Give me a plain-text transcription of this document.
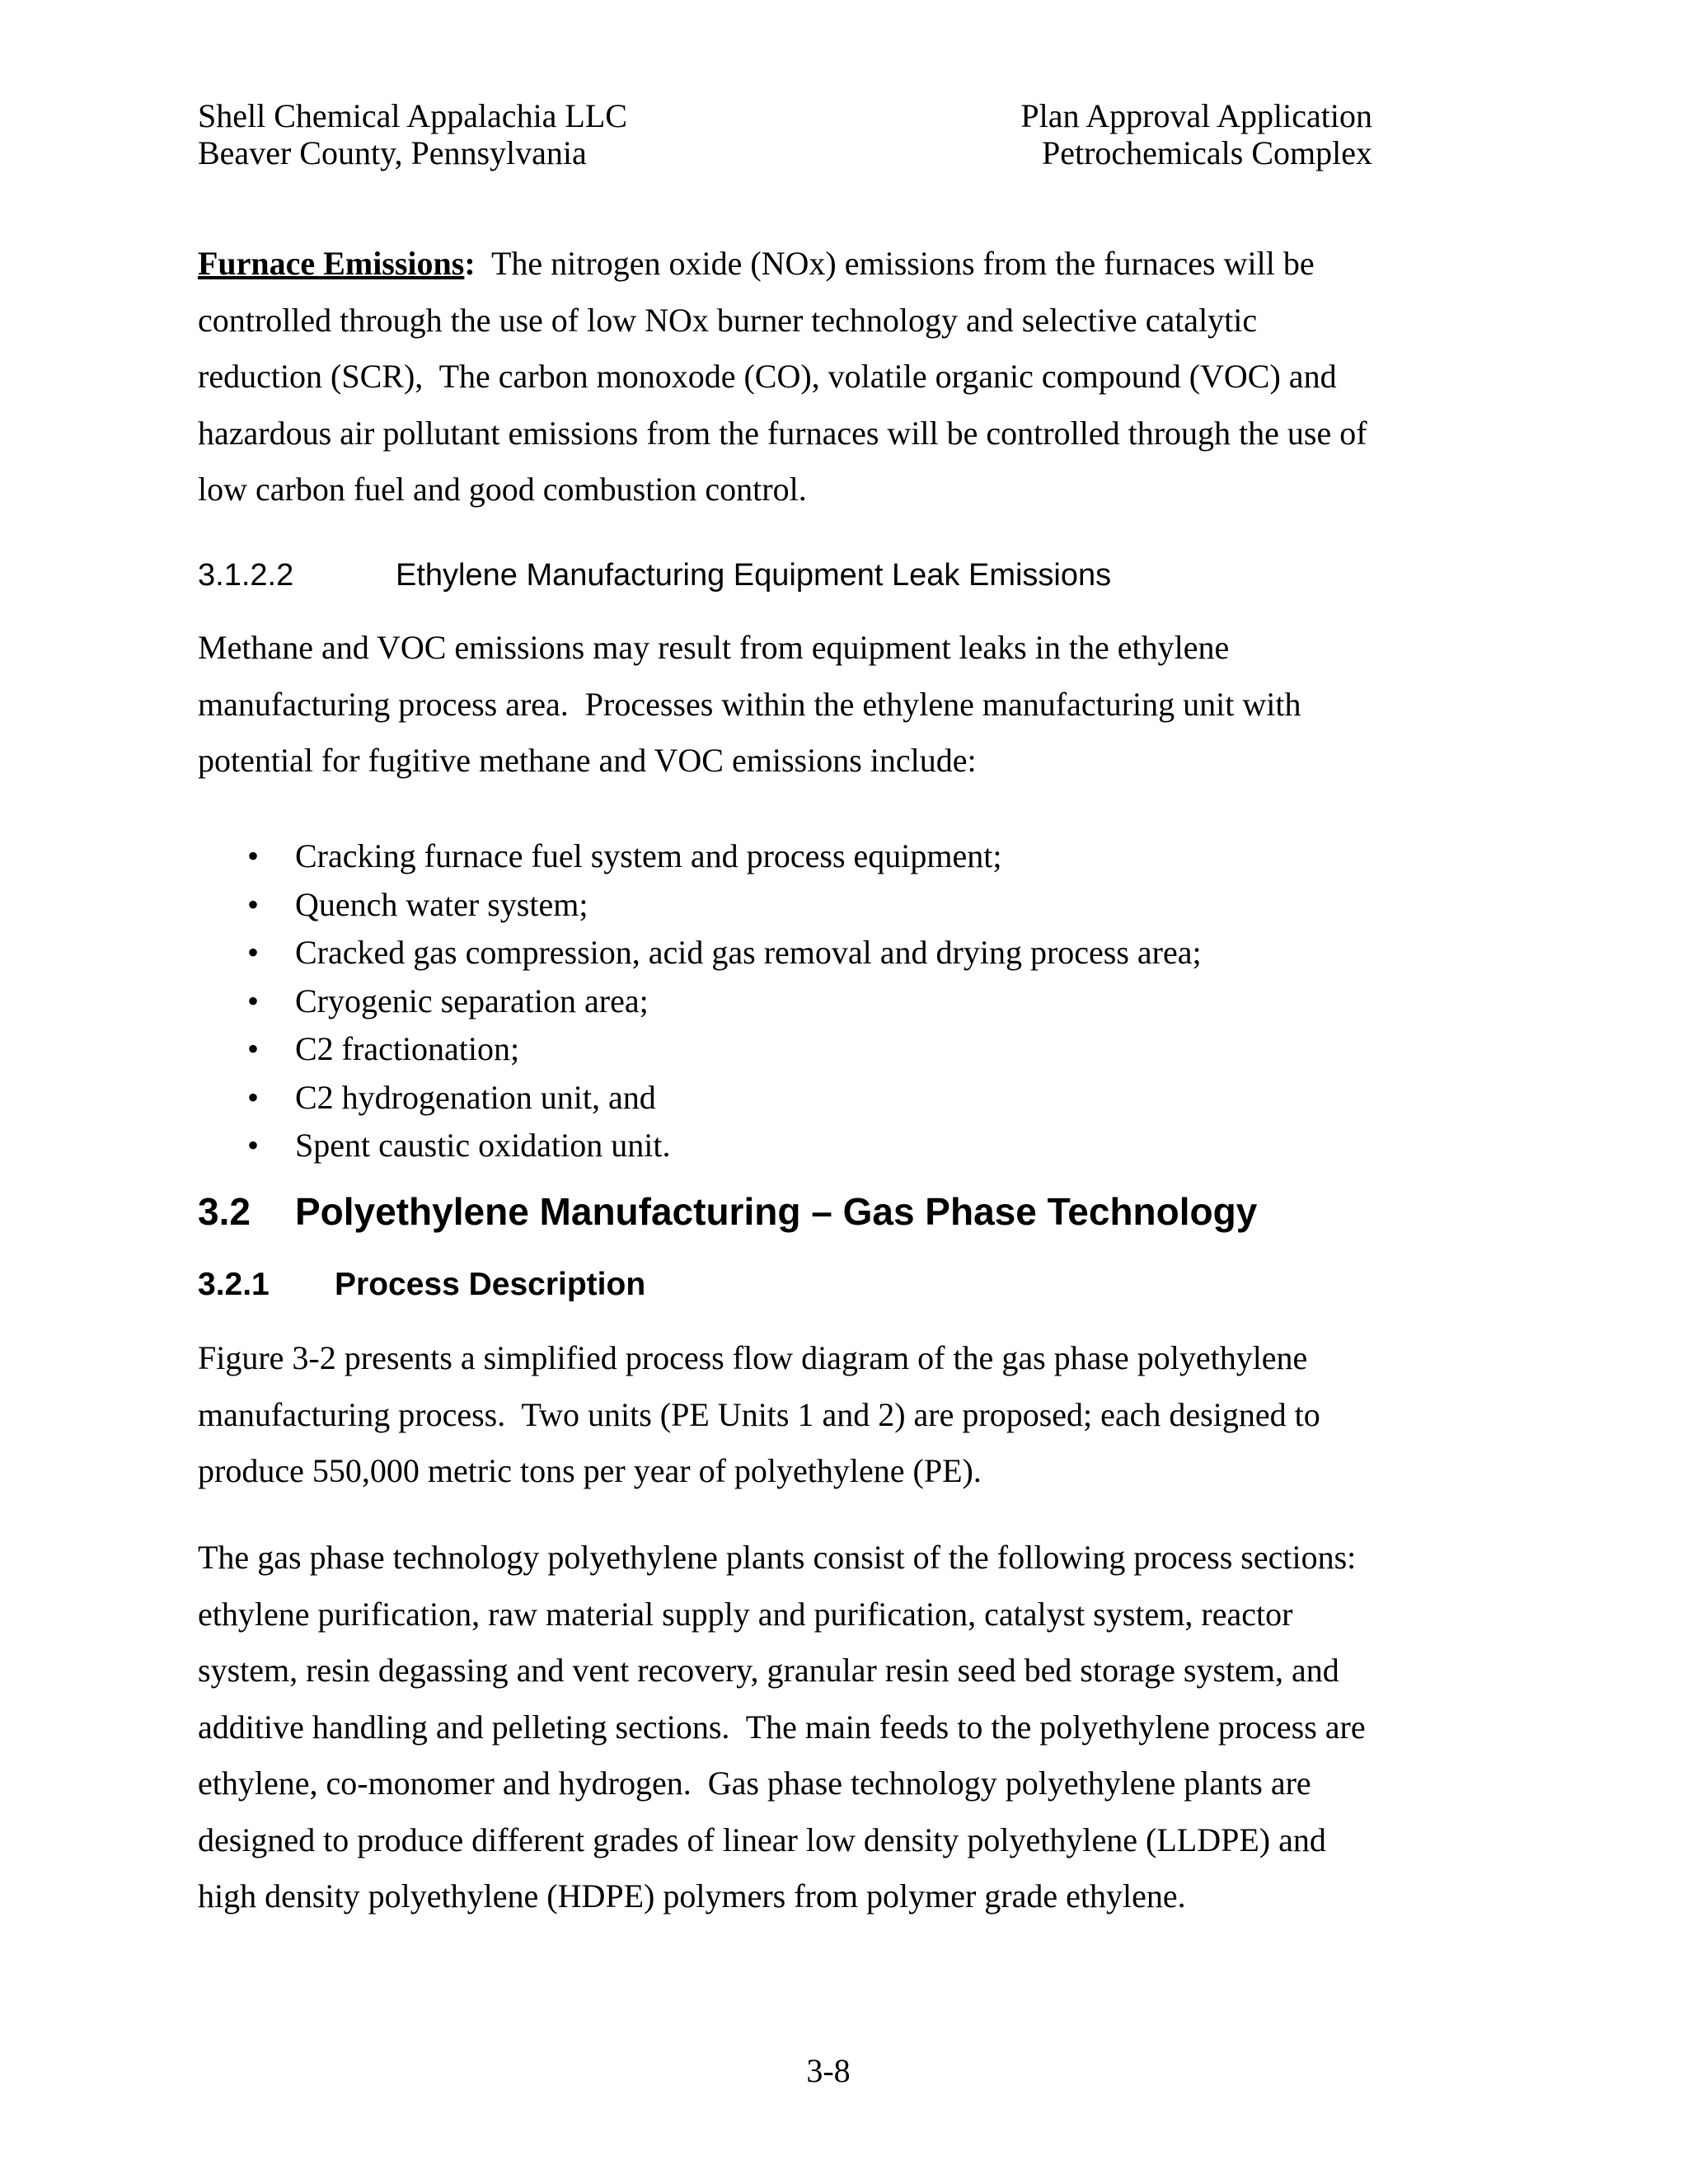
Shell Chemical Appalachia LLC
Beaver County, Pennsylvania
Plan Approval Application
Petrochemicals Complex
Furnace Emissions:  The nitrogen oxide (NOx) emissions from the furnaces will be
controlled through the use of low NOx burner technology and selective catalytic
reduction (SCR),  The carbon monoxode (CO), volatile organic compound (VOC) and
hazardous air pollutant emissions from the furnaces will be controlled through the use of
low carbon fuel and good combustion control.
3.1.2.2	Ethylene Manufacturing Equipment Leak Emissions
Methane and VOC emissions may result from equipment leaks in the ethylene
manufacturing process area.  Processes within the ethylene manufacturing unit with
potential for fugitive methane and VOC emissions include:
• Cracking furnace fuel system and process equipment;
• Quench water system;
• Cracked gas compression, acid gas removal and drying process area;
• Cryogenic separation area;
• C2 fractionation;
• C2 hydrogenation unit, and
• Spent caustic oxidation unit.
3.2 Polyethylene Manufacturing – Gas Phase Technology
3.2.1 Process Description
Figure 3-2 presents a simplified process flow diagram of the gas phase polyethylene
manufacturing process.  Two units (PE Units 1 and 2) are proposed; each designed to
produce 550,000 metric tons per year of polyethylene (PE).
The gas phase technology polyethylene plants consist of the following process sections:
ethylene purification, raw material supply and purification, catalyst system, reactor
system, resin degassing and vent recovery, granular resin seed bed storage system, and
additive handling and pelleting sections.  The main feeds to the polyethylene process are
ethylene, co-monomer and hydrogen.  Gas phase technology polyethylene plants are
designed to produce different grades of linear low density polyethylene (LLDPE) and
high density polyethylene (HDPE) polymers from polymer grade ethylene.
3-8
